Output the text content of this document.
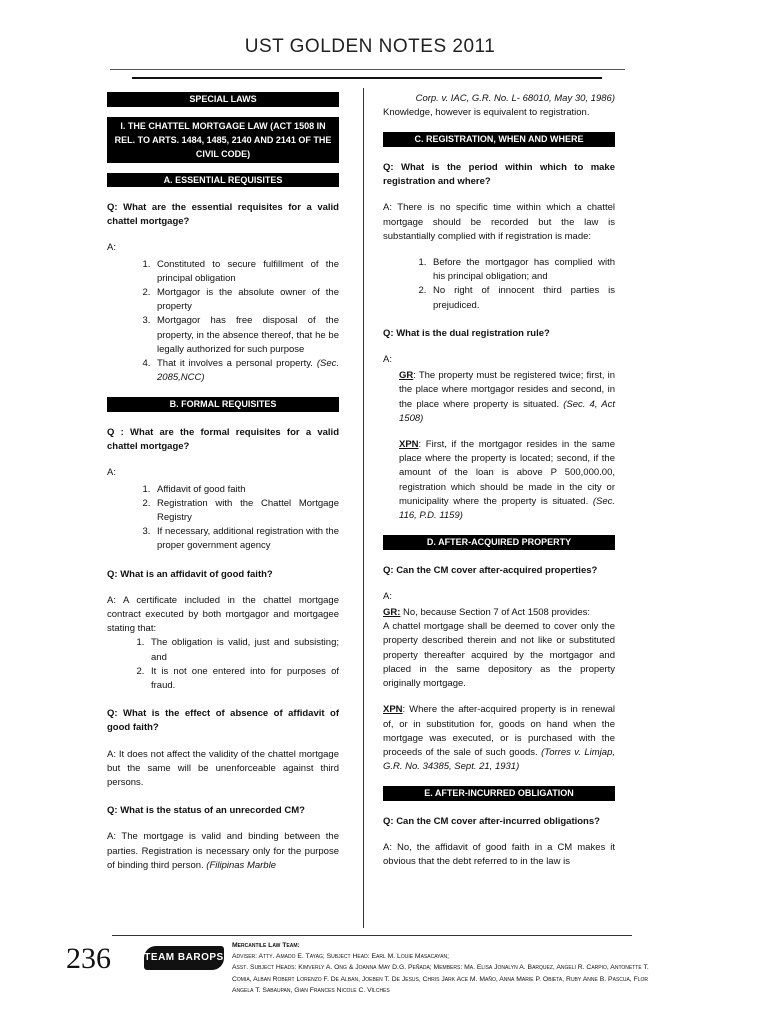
UST GOLDEN NOTES 2011
SPECIAL LAWS
I. THE CHATTEL MORTGAGE LAW (ACT 1508 IN REL. TO ARTS. 1484, 1485, 2140 AND 2141 OF THE CIVIL CODE)
A. ESSENTIAL REQUISITES
Q: What are the essential requisites for a valid chattel mortgage?
A:
1. Constituted to secure fulfillment of the principal obligation
2. Mortgagor is the absolute owner of the property
3. Mortgagor has free disposal of the property, in the absence thereof, that he be legally authorized for such purpose
4. That it involves a personal property. (Sec. 2085,NCC)
B. FORMAL REQUISITES
Q : What are the formal requisites for a valid chattel mortgage?
A:
1. Affidavit of good faith
2. Registration with the Chattel Mortgage Registry
3. If necessary, additional registration with the proper government agency
Q: What is an affidavit of good faith?

A: A certificate included in the chattel mortgage contract executed by both mortgagor and mortgagee stating that:

1. The obligation is valid, just and subsisting; and
2. It is not one entered into for purposes of fraud.
Q: What is the effect of absence of affidavit of good faith?

A: It does not affect the validity of the chattel mortgage but the same will be unenforceable against third persons.

Q: What is the status of an unrecorded CM?

A: The mortgage is valid and binding between the parties. Registration is necessary only for the purpose of binding third person. (Filipinas Marble

Corp. v. IAC, G.R. No. L- 68010, May 30, 1986)

Knowledge, however is equivalent to registration.

C. REGISTRATION, WHEN AND WHERE
Q: What is the period within which to make registration and where?

A: There is no specific time within which a chattel mortgage should be recorded but the law is substantially complied with if registration is made:

1. Before the mortgagor has complied with his principal obligation; and
2. No right of innocent third parties is prejudiced.
Q: What is the dual registration rule?
A:

GR: The property must be registered twice; first, in the place where mortgagor resides and second, in the place where property is situated. (Sec. 4, Act 1508)

XPN: First, if the mortgagor resides in the same place where the property is located; second, if the amount of the loan is above P 500,000.00, registration which should be made in the city or municipality where the property is situated. (Sec. 116, P.D. 1159)

D. AFTER-ACQUIRED PROPERTY
Q: Can the CM cover after-acquired properties?
A:
GR: No, because Section 7 of Act 1508 provides:

A chattel mortgage shall be deemed to cover only the property described therein and not like or substituted property thereafter acquired by the mortgagor and placed in the same depository as the property originally mortgage.

XPN: Where the after-acquired property is in renewal of, or in substitution for, goods on hand when the mortgage was executed, or is purchased with the proceeds of the sale of such goods. (Torres v. Limjap, G.R. No. 34385, Sept. 21, 1931)

E. AFTER-INCURRED OBLIGATION
Q: Can the CM cover after-incurred obligations?

A: No, the affidavit of good faith in a CM makes it obvious that the debt referred to in the law is

236	TEAM BAROPS
Mercantile Law Team:
Adviser: Atty. Amado E. Tayag; Subject Head: Earl M. Louie Masacayan;
Asst. Subject Heads: Kimverly A. Ong & Joanna May D.G. Peñada; Members: Ma. Elisa Jonalyn A. Barquez, Angeli R. Carpio, Antonette T. Comia, Alban Robert Lorenzo F. De Alban, Joeben T. De Jesus, Chris Jark Ace M. Maño, Anna Marie P. Obieta, Ruby Anne B. Pascua, Flor Angela T. Sabaupan, Gian Frances Nicole C. Vilches
